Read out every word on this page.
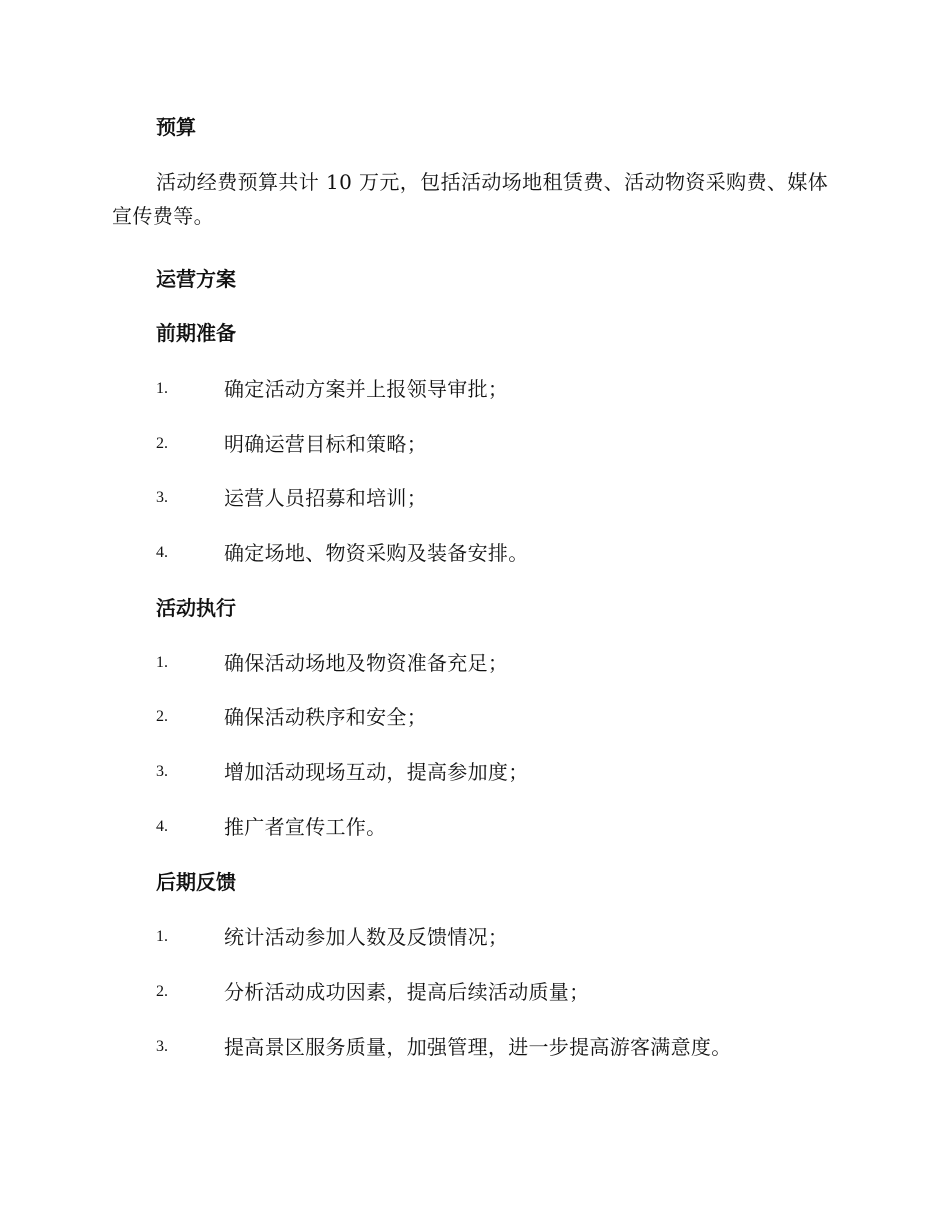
预算
活动经费预算共计 10 万元，包括活动场地租赁费、活动物资采购费、媒体宣传费等。
运营方案
前期准备
1.	确定活动方案并上报领导审批；
2.	明确运营目标和策略；
3.	运营人员招募和培训；
4.	确定场地、物资采购及装备安排。
活动执行
1.	确保活动场地及物资准备充足；
2.	确保活动秩序和安全；
3.	增加活动现场互动，提高参加度；
4.	推广者宣传工作。
后期反馈
1.	统计活动参加人数及反馈情况；
2.	分析活动成功因素，提高后续活动质量；
3.	提高景区服务质量，加强管理，进一步提高游客满意度。
